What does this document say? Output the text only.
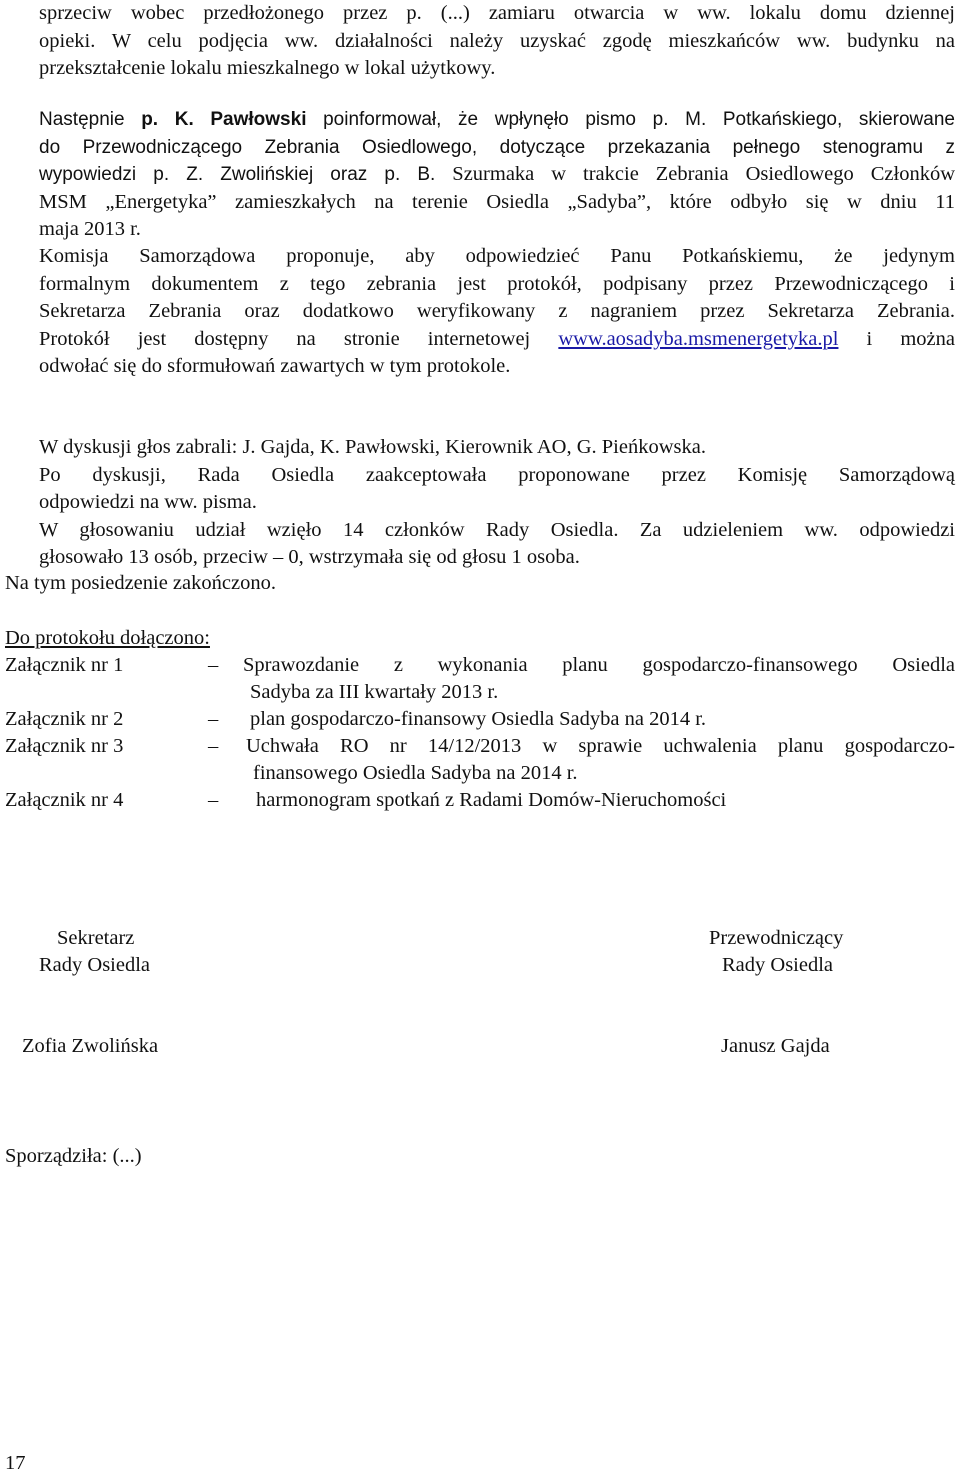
sprzeciw wobec przedłożonego przez p. (...) zamiaru otwarcia w ww. lokalu domu dziennej
opieki. W celu podjęcia ww. działalności należy uzyskać zgodę mieszkańców ww. budynku na
przekształcenie lokalu mieszkalnego w lokal użytkowy.
Następnie p. K. Pawłowski poinformował, że wpłynęło pismo p. M. Potkańskiego, skierowane
do Przewodniczącego Zebrania Osiedlowego, dotyczące przekazania pełnego stenogramu z
wypowiedzi p. Z. Zwolińskiej oraz p. B. Szurmaka w trakcie Zebrania Osiedlowego Członków
MSM „Energetyka” zamieszkałych na terenie Osiedla „Sadyba”, które odbyło się w dniu 11
maja 2013 r.
Komisja Samorządowa proponuje, aby odpowiedzieć Panu Potkańskiemu, że jedynym
formalnym dokumentem z tego zebrania jest protokół, podpisany przez Przewodniczącego i
Sekretarza Zebrania oraz dodatkowo weryfikowany z nagraniem przez Sekretarza Zebrania.
Protokół jest dostępny na stronie internetowej www.aosadyba.msmenergetyka.pl i można
odwołać się do sformułowań zawartych w tym protokole.
W dyskusji głos zabrali: J. Gajda, K. Pawłowski, Kierownik AO, G. Pieńkowska.
Po dyskusji, Rada Osiedla zaakceptowała proponowane przez Komisję Samorządową
odpowiedzi na ww. pisma.
W głosowaniu udział wzięło 14 członków Rady Osiedla. Za udzieleniem ww. odpowiedzi
głosowało 13 osób, przeciw – 0, wstrzymała się od głosu 1 osoba.
Na tym posiedzenie zakończono.
Do protokołu dołączono:
Załącznik nr 1	– Sprawozdanie z wykonania planu gospodarczo-finansowego Osiedla
Sadyba za III kwartały 2013 r.
Załącznik nr 2	– plan gospodarczo-finansowy Osiedla Sadyba na 2014 r.
Załącznik nr 3	– Uchwała RO nr 14/12/2013 w sprawie uchwalenia planu gospodarczo-
finansowego Osiedla Sadyba na 2014 r.
Załącznik nr 4	– harmonogram spotkań z Radami Domów-Nieruchomości
Sekretarz
Rady Osiedla
Zofia Zwolińska
Przewodniczący
Rady Osiedla
Janusz Gajda
Sporządziła: (...)
17
